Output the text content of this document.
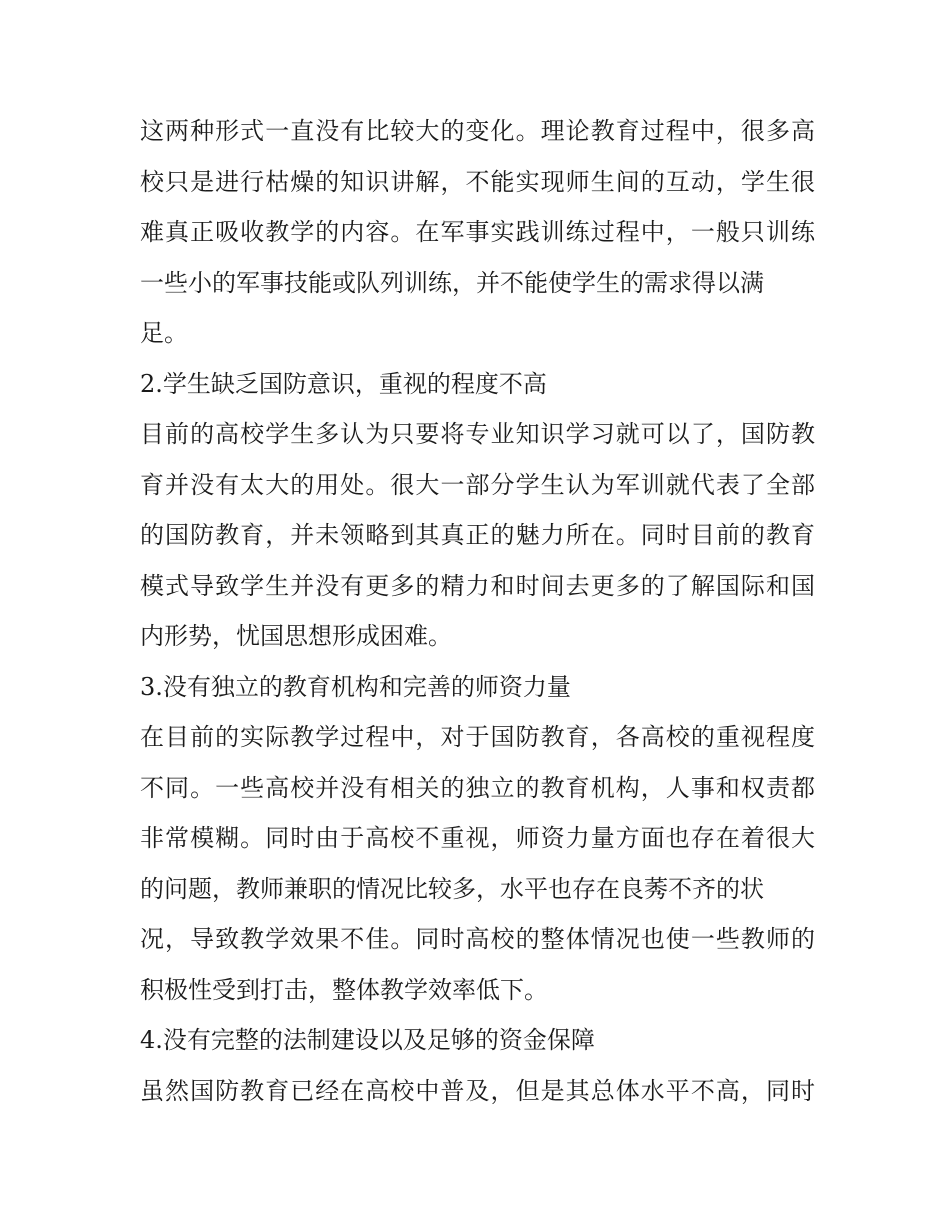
这两种形式一直没有比较大的变化。理论教育过程中，很多高
校只是进行枯燥的知识讲解，不能实现师生间的互动，学生很
难真正吸收教学的内容。在军事实践训练过程中，一般只训练
一些小的军事技能或队列训练，并不能使学生的需求得以满
足。
2.学生缺乏国防意识，重视的程度不高
目前的高校学生多认为只要将专业知识学习就可以了，国防教
育并没有太大的用处。很大一部分学生认为军训就代表了全部
的国防教育，并未领略到其真正的魅力所在。同时目前的教育
模式导致学生并没有更多的精力和时间去更多的了解国际和国
内形势，忧国思想形成困难。
3.没有独立的教育机构和完善的师资力量
在目前的实际教学过程中，对于国防教育，各高校的重视程度
不同。一些高校并没有相关的独立的教育机构，人事和权责都
非常模糊。同时由于高校不重视，师资力量方面也存在着很大
的问题，教师兼职的情况比较多，水平也存在良莠不齐的状
况，导致教学效果不佳。同时高校的整体情况也使一些教师的
积极性受到打击，整体教学效率低下。
4.没有完整的法制建设以及足够的资金保障
虽然国防教育已经在高校中普及，但是其总体水平不高，同时
